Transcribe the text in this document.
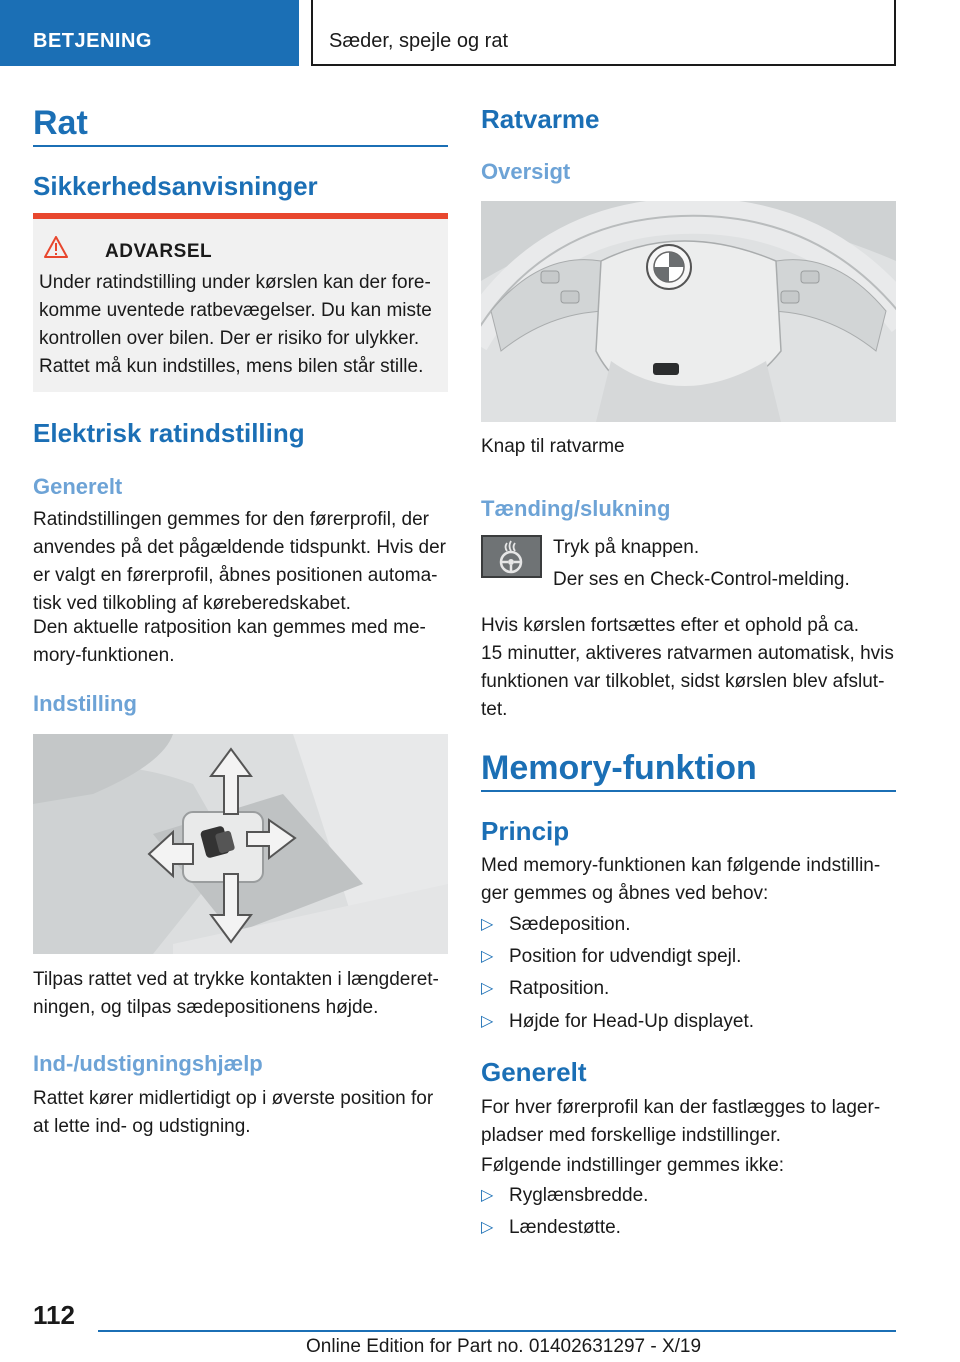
BETJENING	Sæder, spejle og rat
Rat
Sikkerhedsanvisninger
ADVARSEL
Under ratindstilling under kørslen kan der fore-
komme uventede ratbevægelser. Du kan miste
kontrollen over bilen. Der er risiko for ulykker.
Rattet må kun indstilles, mens bilen står stille.
Elektrisk ratindstilling
Generelt
Ratindstillingen gemmes for den førerprofil, der
anvendes på det pågældende tidspunkt. Hvis der
er valgt en førerprofil, åbnes positionen automa-
tisk ved tilkobling af køreberedskabet.
Den aktuelle ratposition kan gemmes med me-
mory-funktionen.
Indstilling
Tilpas rattet ved at trykke kontakten i længderet-
ningen, og tilpas sædepositionens højde.
Ind-/udstigningshjælp
Rattet kører midlertidigt op i øverste position for
at lette ind- og udstigning.
Ratvarme
Oversigt
Knap til ratvarme
Tænding/slukning
Tryk på knappen.
Der ses en Check-Control-melding.
Hvis kørslen fortsættes efter et ophold på ca.
15 minutter, aktiveres ratvarmen automatisk, hvis
funktionen var tilkoblet, sidst kørslen blev afslut-
tet.
Memory-funktion
Princip
Med memory-funktionen kan følgende indstillin-
ger gemmes og åbnes ved behov:
▷ Sædeposition.
▷ Position for udvendigt spejl.
▷ Ratposition.
▷ Højde for Head-Up displayet.
Generelt
For hver førerprofil kan der fastlægges to lager-
pladser med forskellige indstillinger.
Følgende indstillinger gemmes ikke:
▷ Ryglænsbredde.
▷ Lændestøtte.
112
Online Edition for Part no. 01402631297 - X/19
